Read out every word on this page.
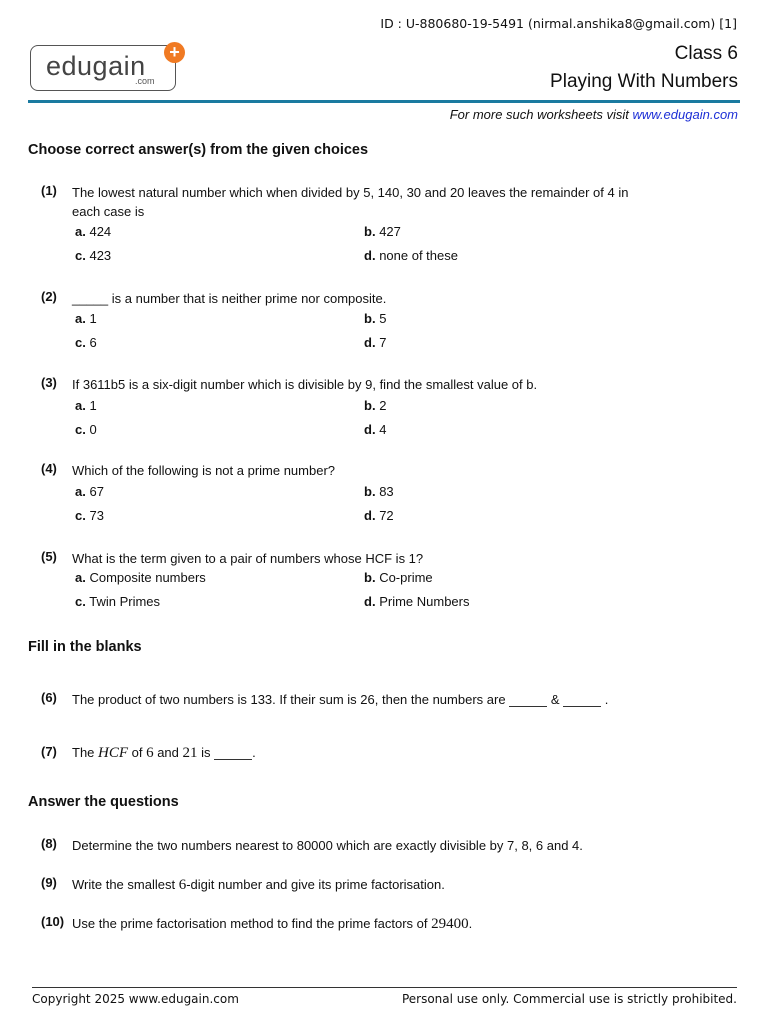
ID : U-880680-19-5491 (nirmal.anshika8@gmail.com) [1]
edugain
.com
+	Class 6
Playing With Numbers
For more such worksheets visit www.edugain.com
Choose correct answer(s) from the given choices
(1) The lowest natural number which when divided by 5, 140, 30 and 20 leaves the remainder of 4 in
each case is
a. 424	b. 427
c. 423	d. none of these
(2) _____ is a number that is neither prime nor composite.
a. 1	b. 5
c. 6	d. 7
(3) If 3611b5 is a six-digit number which is divisible by 9, find the smallest value of b.
a. 1	b. 2
c. 0	d. 4
(4) Which of the following is not a prime number?
a. 67	b. 83
c. 73	d. 72
(5) What is the term given to a pair of numbers whose HCF is 1?
a. Composite numbers	b. Co-prime
c. Twin Primes	d. Prime Numbers
Fill in the blanks
(6) The product of two numbers is 133. If their sum is 26, then the numbers are	&	.
(7) The HCF of 6 and 21 is	.
Answer the questions
(8) Determine the two numbers nearest to 80000 which are exactly divisible by 7, 8, 6 and 4.
(9) Write the smallest 6-digit number and give its prime factorisation.
(10) Use the prime factorisation method to find the prime factors of 29400.
Copyright 2025 www.edugain.com	Personal use only. Commercial use is strictly prohibited.
